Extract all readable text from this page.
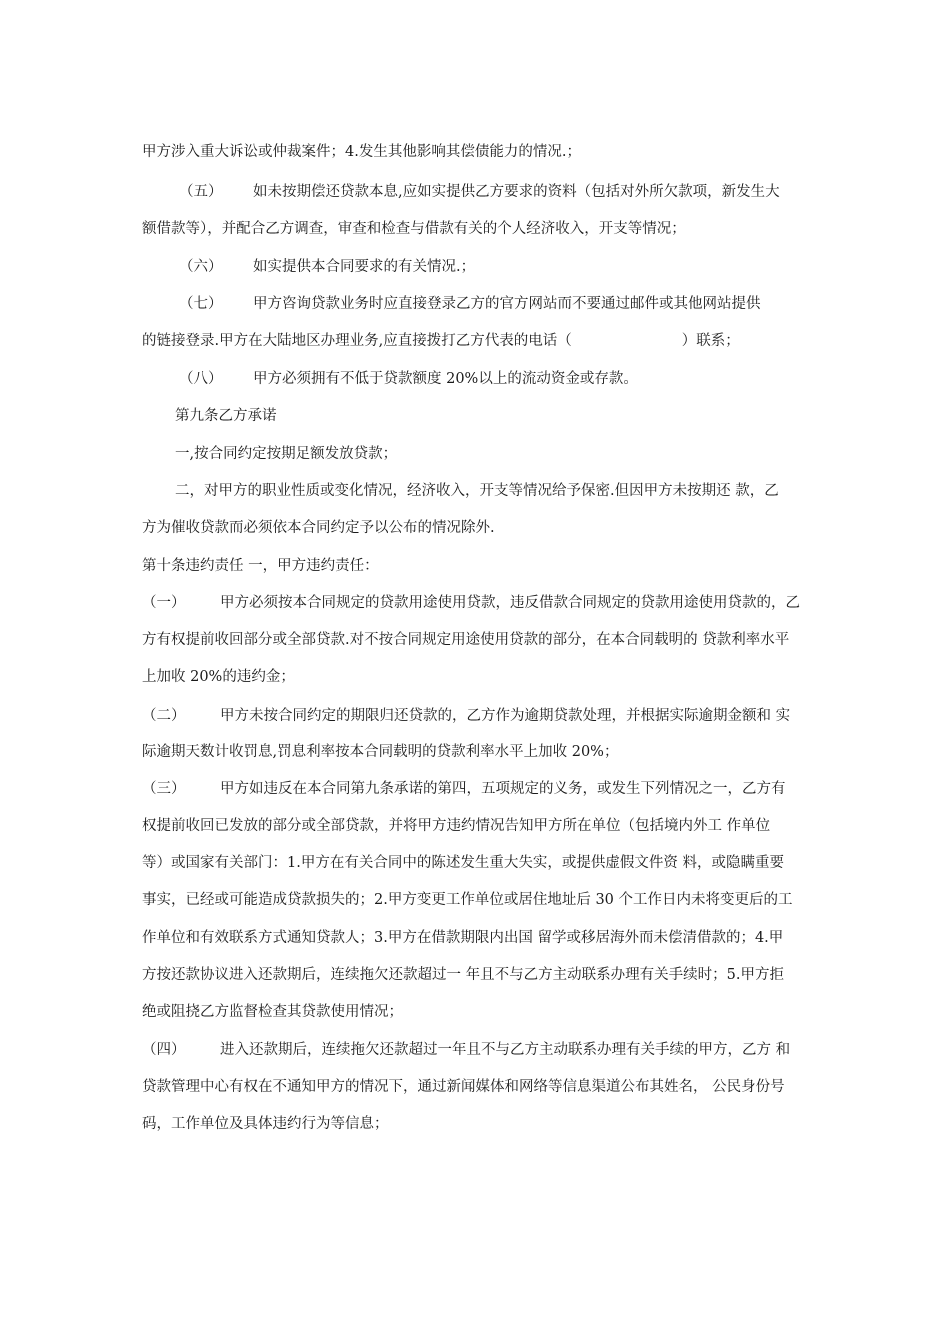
甲方涉入重大诉讼或仲裁案件；4.发生其他影响其偿债能力的情况.；
（五） 如未按期偿还贷款本息,应如实提供乙方要求的资料（包括对外所欠款项，新发生大
额借款等），并配合乙方调查，审查和检查与借款有关的个人经济收入，开支等情况；
（六） 如实提供本合同要求的有关情况.；
（七） 甲方咨询贷款业务时应直接登录乙方的官方网站而不要通过邮件或其他网站提供
的链接登录.甲方在大陆地区办理业务,应直接拨打乙方代表的电话（	）联系；
（八） 甲方必须拥有不低于贷款额度 20%以上的流动资金或存款。
第九条乙方承诺
一,按合同约定按期足额发放贷款；
二，对甲方的职业性质或变化情况，经济收入，开支等情况给予保密.但因甲方未按期还 款，乙
方为催收贷款而必须依本合同约定予以公布的情况除外.
第十条违约责任 一，甲方违约责任：
（一） 甲方必须按本合同规定的贷款用途使用贷款，违反借款合同规定的贷款用途使用贷款的，乙
方有权提前收回部分或全部贷款.对不按合同规定用途使用贷款的部分，在本合同载明的 贷款利率水平
上加收 20%的违约金；
（二） 甲方未按合同约定的期限归还贷款的，乙方作为逾期贷款处理，并根据实际逾期金额和 实
际逾期天数计收罚息,罚息利率按本合同载明的贷款利率水平上加收 20%；
（三） 甲方如违反在本合同第九条承诺的第四，五项规定的义务，或发生下列情况之一，乙方有
权提前收回已发放的部分或全部贷款，并将甲方违约情况告知甲方所在单位（包括境内外工 作单位
等）或国家有关部门：1.甲方在有关合同中的陈述发生重大失实，或提供虚假文件资 料，或隐瞒重要
事实，已经或可能造成贷款损失的；2.甲方变更工作单位或居住地址后 30 个工作日内未将变更后的工
作单位和有效联系方式通知贷款人；3.甲方在借款期限内出国 留学或移居海外而未偿清借款的；4.甲
方按还款协议进入还款期后，连续拖欠还款超过一 年且不与乙方主动联系办理有关手续时；5.甲方拒
绝或阻挠乙方监督检查其贷款使用情况；
（四） 进入还款期后，连续拖欠还款超过一年且不与乙方主动联系办理有关手续的甲方，乙方 和
贷款管理中心有权在不通知甲方的情况下，通过新闻媒体和网络等信息渠道公布其姓名， 公民身份号
码，工作单位及具体违约行为等信息；
